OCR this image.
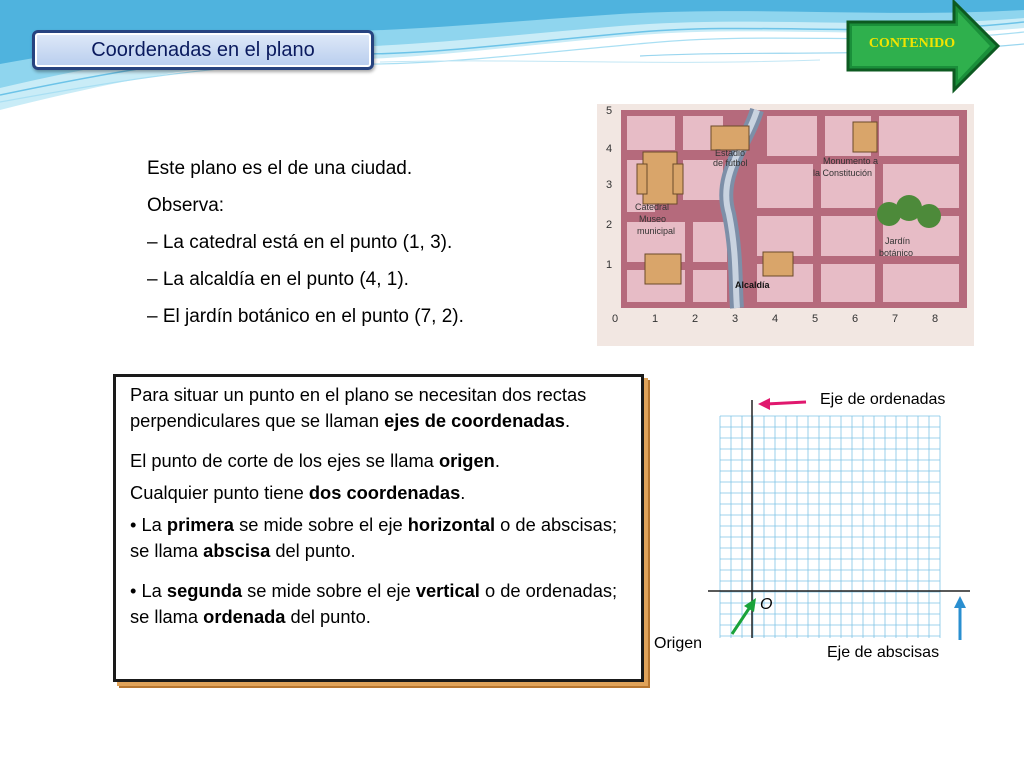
Coordenadas en el plano	CONTENIDO

Este plano es el de una ciudad.

Observa:

– La catedral está en el punto (1, 3).

– La alcaldía en el punto (4, 1).

– El jardín botánico en el punto (7, 2).

Estadio
de fútbol	Monumento a
la Constitución
Catedral
Museo
municipal
Jardín
botánico
Alcaldía
0	1	2	3	4	5	6	7	8
5
4
3
2
1

Para situar un punto en el plano se necesitan dos rectas perpendiculares que se llaman ejes de coordenadas.

El punto de corte de los ejes se llama origen.

Cualquier punto tiene dos coordenadas.

• La primera se mide sobre el eje horizontal o de abscisas; se llama abscisa del punto.

• La segunda se mide sobre el eje vertical o de ordenadas; se llama ordenada del punto.

Eje de ordenadas
O
Origen
Eje de abscisas
